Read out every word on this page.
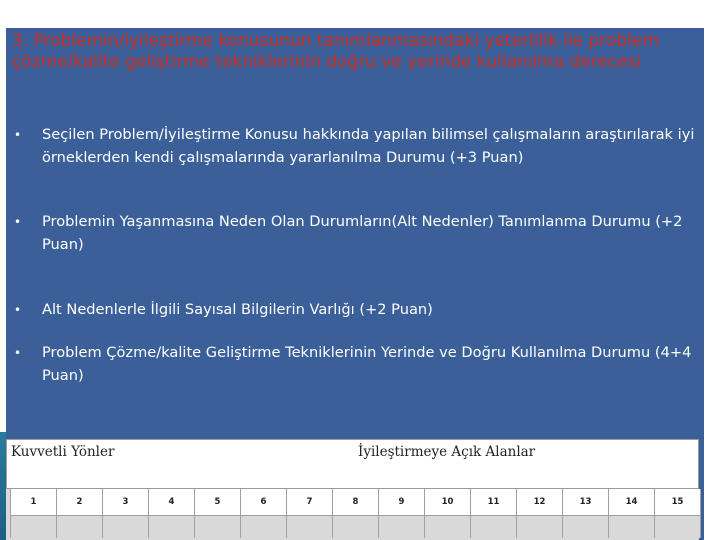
3. Problemin/iyileştirme konusunun tanımlanmasındaki yeterlilik ile problem çözme/kalite geliştirme tekniklerinin doğru ve yerinde kullanılma derecesi
•	Seçilen Problem/İyileştirme Konusu hakkında yapılan bilimsel çalışmaların araştırılarak iyi örneklerden kendi çalışmalarında yararlanılma Durumu (+3 Puan)
•	Problemin Yaşanmasına Neden Olan Durumların(Alt Nedenler) Tanımlanma Durumu (+2 Puan)
•	Alt Nedenlerle İlgili Sayısal Bilgilerin Varlığı (+2 Puan)
•	Problem Çözme/kalite Geliştirme Tekniklerinin Yerinde ve Doğru Kullanılma Durumu (4+4 Puan)
Kuvvetli Yönler	İyileştirmeye Açık Alanlar
1	2	3	4	5	6	7	8	9	10	11	12	13	14	15
